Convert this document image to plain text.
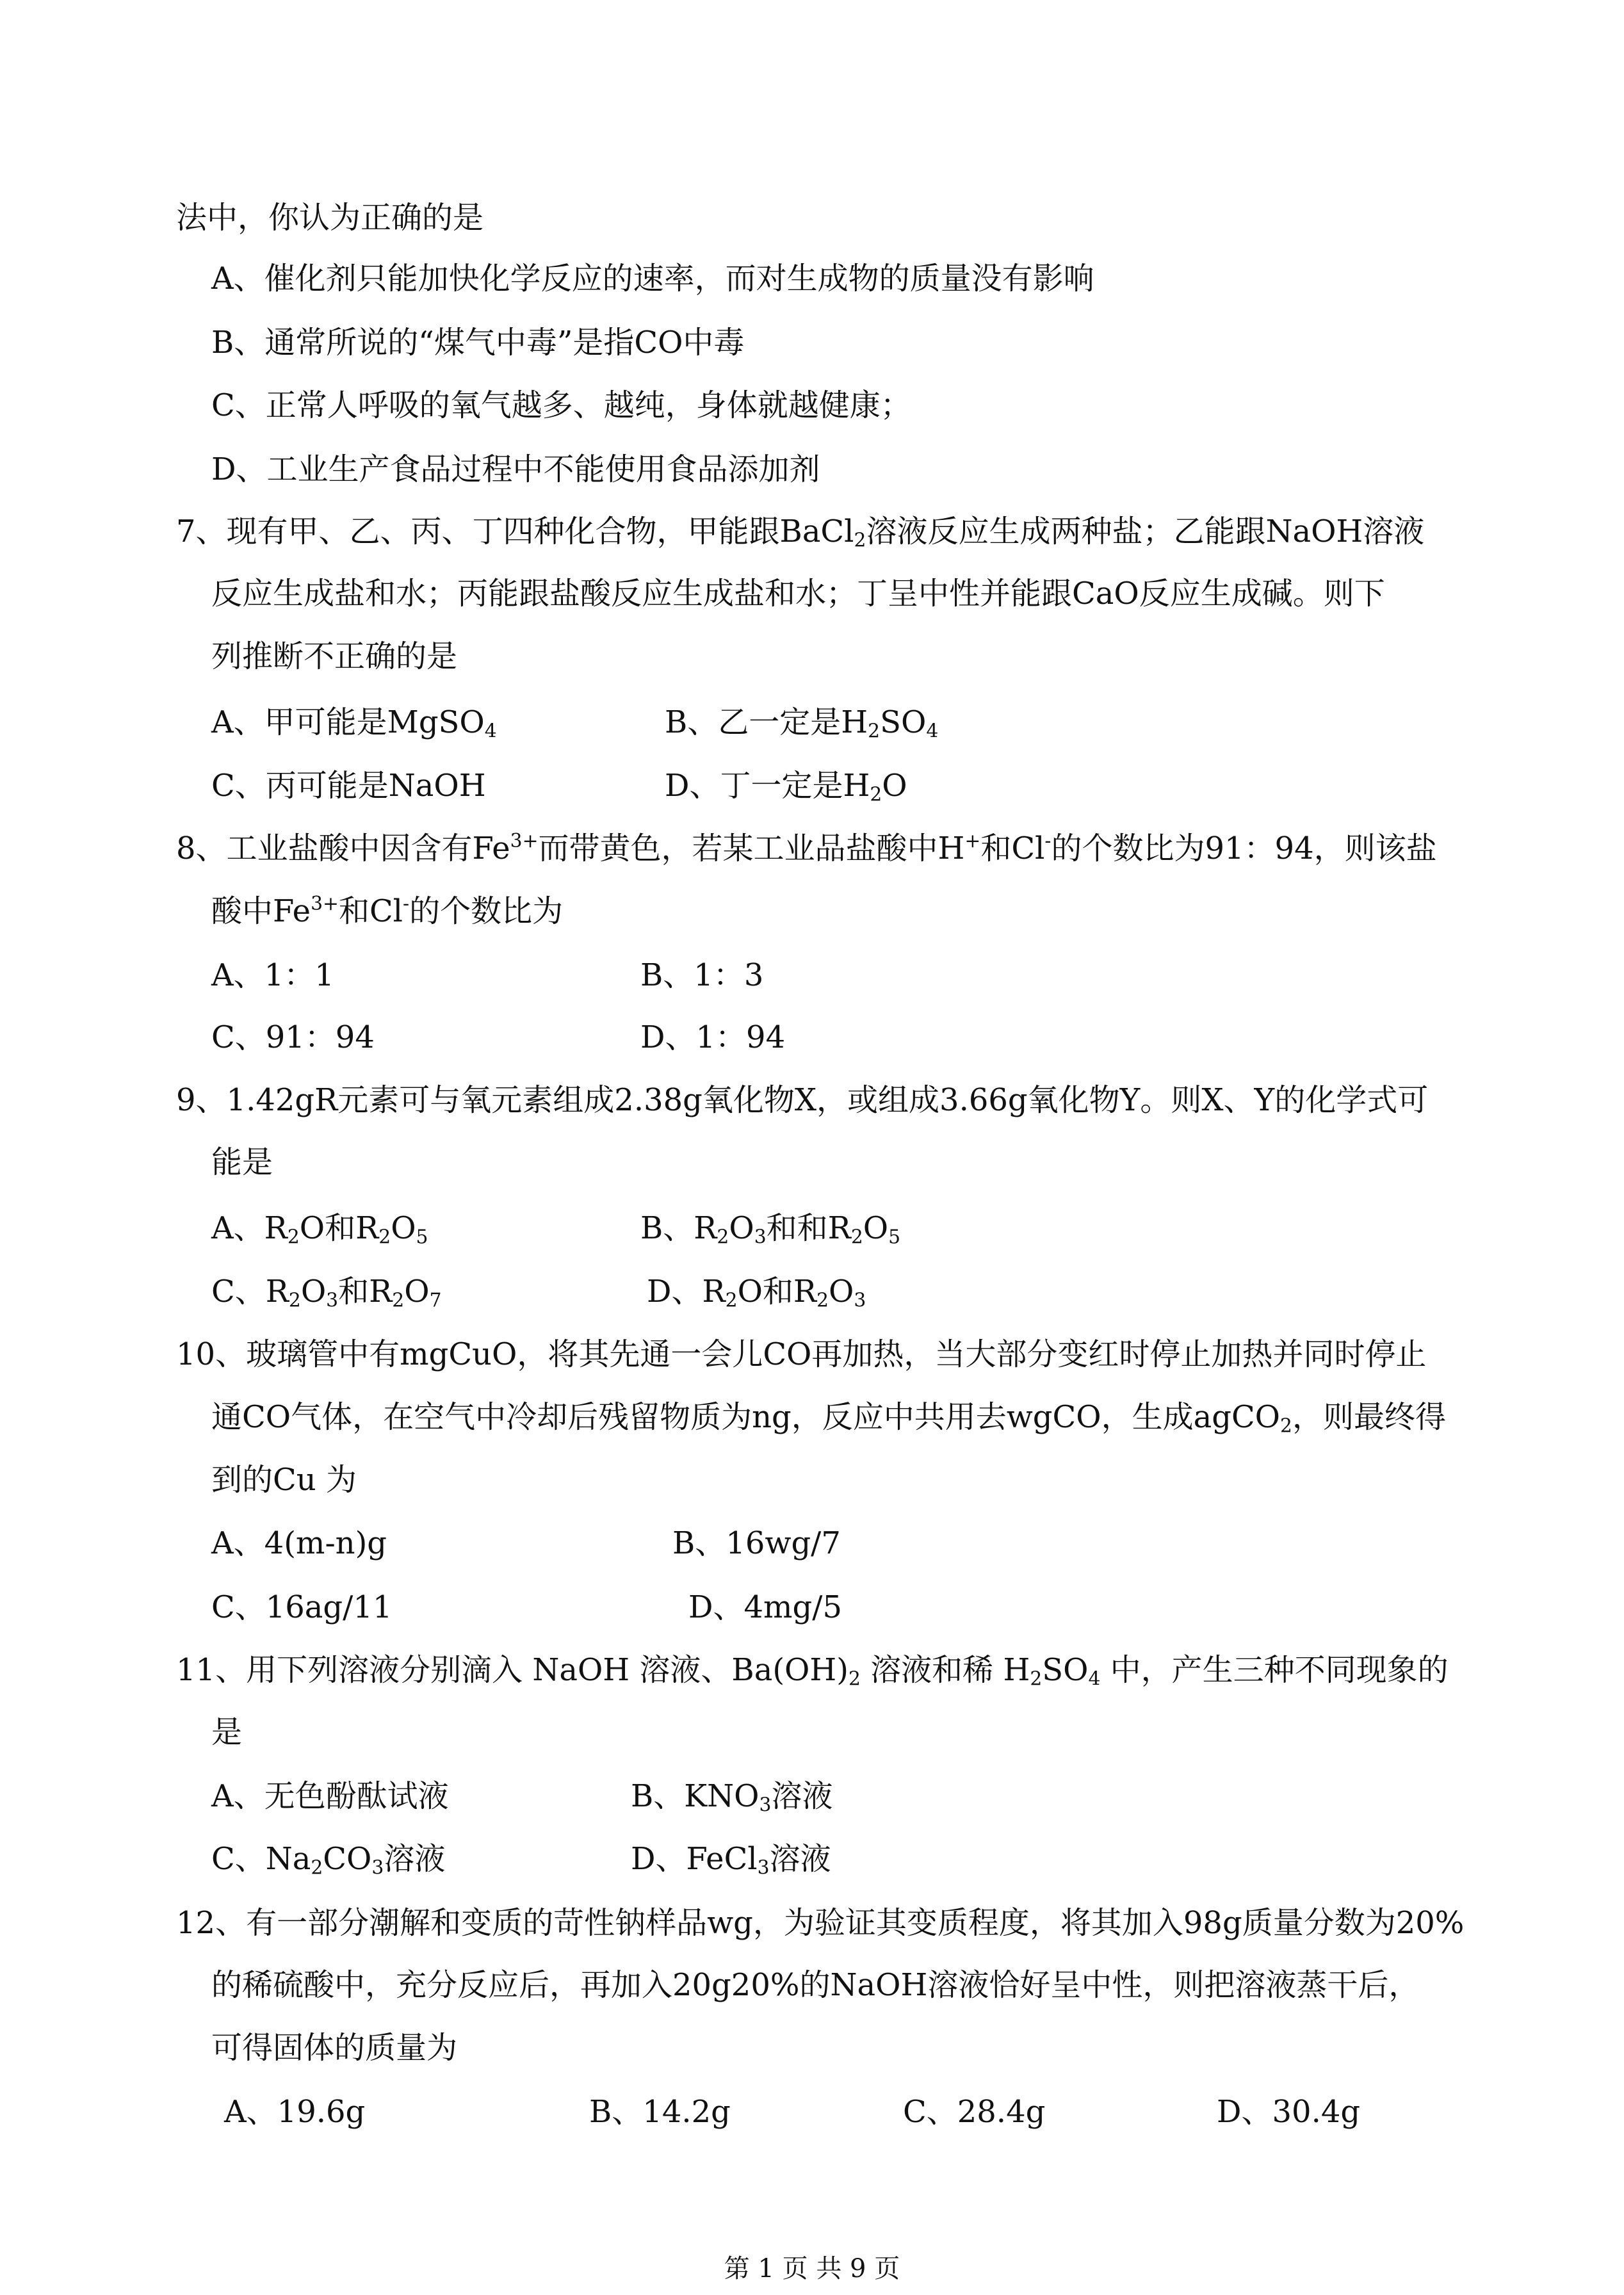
法中，你认为正确的是
A、催化剂只能加快化学反应的速率，而对生成物的质量没有影响
B、通常所说的“煤气中毒”是指CO中毒
C、正常人呼吸的氧气越多、越纯，身体就越健康；
D、工业生产食品过程中不能使用食品添加剂
7、现有甲、乙、丙、丁四种化合物，甲能跟BaCl$_2$溶液反应生成两种盐；乙能跟NaOH溶液
反应生成盐和水；丙能跟盐酸反应生成盐和水；丁呈中性并能跟CaO反应生成碱。则下
列推断不正确的是
A、甲可能是MgSO$_4$	B、乙一定是$H_2SO_4$
C、丙可能是NaOH	D、丁一定是$H_2O$
8、工业盐酸中因含有$Fe^{3+}$而带黄色，若某工业品盐酸中H+和Cl-的个数比为91：94，则该盐
酸中$Fe^{3+}$和Cl-的个数比为
A、1：1	B、1：3
C、91：94	D、1：94
9、1.42gR元素可与氧元素组成2.38g氧化物X，或组成3.66g氧化物Y。则X、Y的化学式可
能是
A、$R_2O$和$R_2O_5$	B、$R_2O_3$和和$R_2O_5$
C、$R_2O_3$和$R_2O_7$	D、$R_2O$和$R_2O_3$
10、玻璃管中有mgCuO，将其先通一会儿CO再加热，当大部分变红时停止加热并同时停止
通CO气体，在空气中冷却后残留物质为ng，反应中共用去wgCO，生成agCO$_2$，则最终得
到的Cu 为
A、4(m-n)g	B、16wg/7
C、16ag/11	D、4mg/5
11、用下列溶液分别滴入 NaOH 溶液、$Ba(OH)_2$ 溶液和稀 $H_2SO_4$ 中，产生三种不同现象的
是
A、无色酚酞试液	B、$KNO_3$溶液
C、$Na_2CO_3$溶液	D、FeCl$_3$溶液
12、有一部分潮解和变质的苛性钠样品wg，为验证其变质程度，将其加入98g质量分数为20%
的稀硫酸中，充分反应后，再加入20g20%的NaOH溶液恰好呈中性，则把溶液蒸干后，
可得固体的质量为
A、19.6g	B、14.2g	C、28.4g	D、30.4g
第 1 页 共 9 页
